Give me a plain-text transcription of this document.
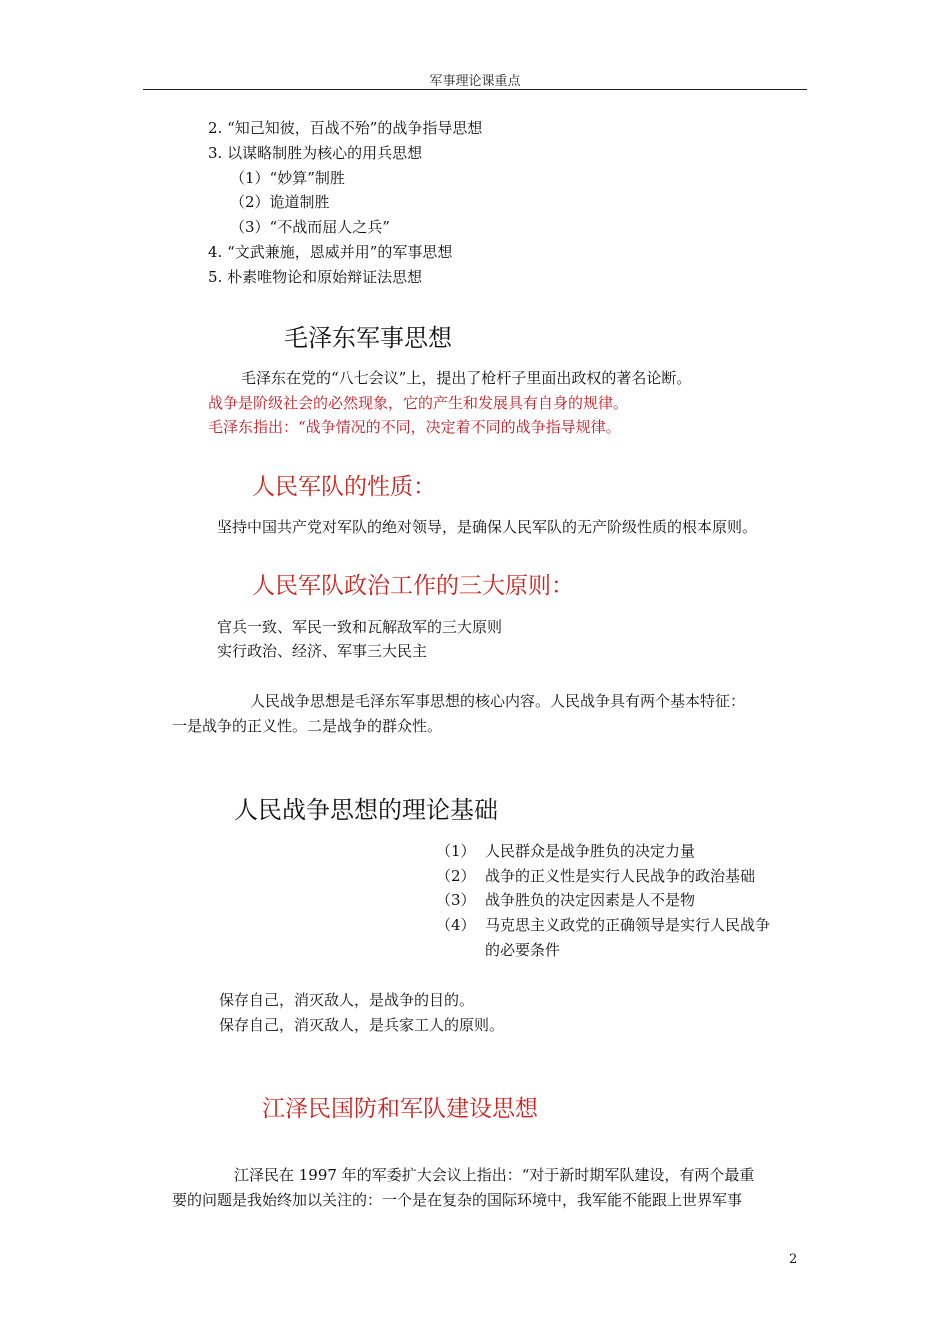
军事理论课重点
2. “知己知彼，百战不殆”的战争指导思想
3. 以谋略制胜为核心的用兵思想
（1）“妙算”制胜
（2）诡道制胜
（3）“不战而屈人之兵”
4. “文武兼施，恩威并用”的军事思想
5. 朴素唯物论和原始辩证法思想
毛泽东军事思想
毛泽东在党的“八七会议”上，提出了枪杆子里面出政权的著名论断。
战争是阶级社会的必然现象，它的产生和发展具有自身的规律。
毛泽东指出：“战争情况的不同，决定着不同的战争指导规律。
人民军队的性质：
坚持中国共产党对军队的绝对领导，是确保人民军队的无产阶级性质的根本原则。
人民军队政治工作的三大原则：
官兵一致、军民一致和瓦解敌军的三大原则
实行政治、经济、军事三大民主
人民战争思想是毛泽东军事思想的核心内容。人民战争具有两个基本特征：
一是战争的正义性。二是战争的群众性。
人民战争思想的理论基础
（1） 人民群众是战争胜负的决定力量
（2） 战争的正义性是实行人民战争的政治基础
（3） 战争胜负的决定因素是人不是物
（4） 马克思主义政党的正确领导是实行人民战争
的必要条件
保存自己，消灭敌人，是战争的目的。
保存自己，消灭敌人，是兵家工人的原则。
江泽民国防和军队建设思想
江泽民在 1997 年的军委扩大会议上指出：“对于新时期军队建设，有两个最重
要的问题是我始终加以关注的：一个是在复杂的国际环境中，我军能不能跟上世界军事
2
